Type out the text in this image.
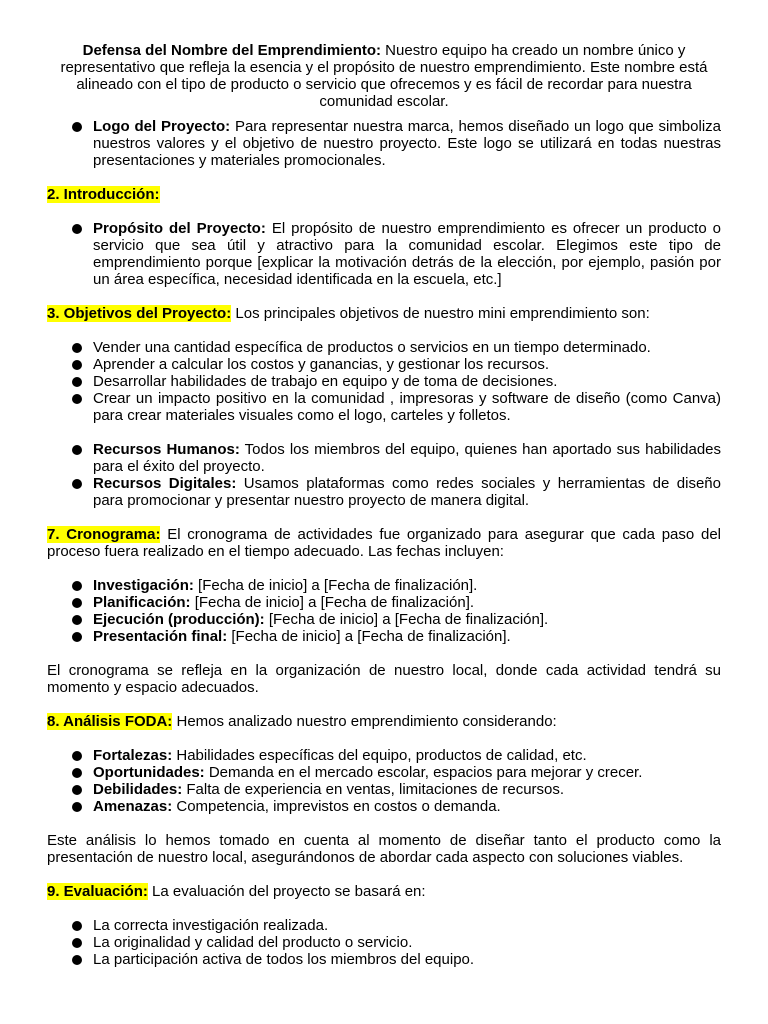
Defensa del Nombre del Emprendimiento: Nuestro equipo ha creado un nombre único y representativo que refleja la esencia y el propósito de nuestro emprendimiento. Este nombre está alineado con el tipo de producto o servicio que ofrecemos y es fácil de recordar para nuestra comunidad escolar.

Logo del Proyecto: Para representar nuestra marca, hemos diseñado un logo que simboliza nuestros valores y el objetivo de nuestro proyecto. Este logo se utilizará en todas nuestras presentaciones y materiales promocionales.

2. Introducción:

Propósito del Proyecto: El propósito de nuestro emprendimiento es ofrecer un producto o servicio que sea útil y atractivo para la comunidad escolar. Elegimos este tipo de emprendimiento porque [explicar la motivación detrás de la elección, por ejemplo, pasión por un área específica, necesidad identificada en la escuela, etc.]

3. Objetivos del Proyecto: Los principales objetivos de nuestro mini emprendimiento son:

Vender una cantidad específica de productos o servicios en un tiempo determinado.
Aprender a calcular los costos y ganancias, y gestionar los recursos.
Desarrollar habilidades de trabajo en equipo y de toma de decisiones.
Crear un impacto positivo en la comunidad , impresoras y software de diseño (como Canva) para crear materiales visuales como el logo, carteles y folletos.
Recursos Humanos: Todos los miembros del equipo, quienes han aportado sus habilidades para el éxito del proyecto.
Recursos Digitales: Usamos plataformas como redes sociales y herramientas de diseño para promocionar y presentar nuestro proyecto de manera digital.

7. Cronograma: El cronograma de actividades fue organizado para asegurar que cada paso del proceso fuera realizado en el tiempo adecuado. Las fechas incluyen:

Investigación: [Fecha de inicio] a [Fecha de finalización].
Planificación: [Fecha de inicio] a [Fecha de finalización].
Ejecución (producción): [Fecha de inicio] a [Fecha de finalización].
Presentación final: [Fecha de inicio] a [Fecha de finalización].

El cronograma se refleja en la organización de nuestro local, donde cada actividad tendrá su momento y espacio adecuados.

8. Análisis FODA: Hemos analizado nuestro emprendimiento considerando:

Fortalezas: Habilidades específicas del equipo, productos de calidad, etc.
Oportunidades: Demanda en el mercado escolar, espacios para mejorar y crecer.
Debilidades: Falta de experiencia en ventas, limitaciones de recursos.
Amenazas: Competencia, imprevistos en costos o demanda.

Este análisis lo hemos tomado en cuenta al momento de diseñar tanto el producto como la presentación de nuestro local, asegurándonos de abordar cada aspecto con soluciones viables.

9. Evaluación: La evaluación del proyecto se basará en:

La correcta investigación realizada.
La originalidad y calidad del producto o servicio.
La participación activa de todos los miembros del equipo.
